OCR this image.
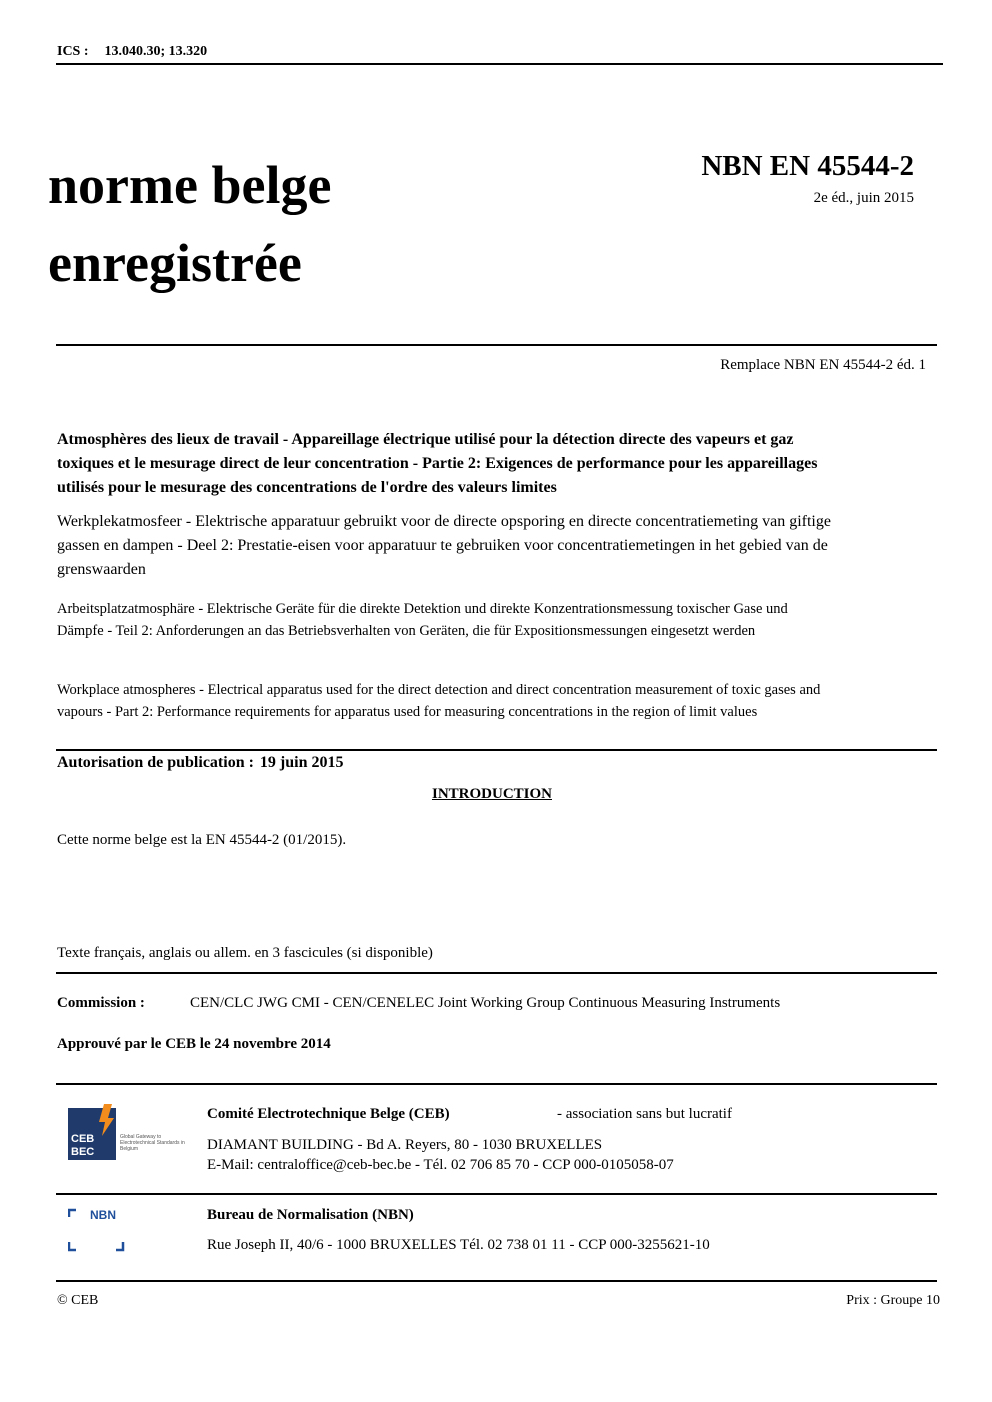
ICS : 13.040.30; 13.320
norme belge
enregistrée
NBN EN 45544-2
2e éd., juin 2015
Remplace NBN EN 45544-2 éd. 1
Atmosphères des lieux de travail - Appareillage électrique utilisé pour la détection directe des vapeurs et gaz toxiques et le mesurage direct de leur concentration - Partie 2: Exigences de performance pour les appareillages utilisés pour le mesurage des concentrations de l'ordre des valeurs limites
Werkplekatmosfeer - Elektrische apparatuur gebruikt voor de directe opsporing en directe concentratiemeting van giftige gassen en dampen - Deel 2: Prestatie-eisen voor apparatuur te gebruiken voor concentratiemetingen in het gebied van de grenswaarden
Arbeitsplatzatmosphäre - Elektrische Geräte für die direkte Detektion und direkte Konzentrationsmessung toxischer Gase und Dämpfe - Teil 2: Anforderungen an das Betriebsverhalten von Geräten, die für Expositionsmessungen eingesetzt werden
Workplace atmospheres - Electrical apparatus used for the direct detection and direct concentration measurement of toxic gases and vapours - Part 2: Performance requirements for apparatus used for measuring concentrations in the region of limit values
Autorisation de publication : 19 juin 2015
INTRODUCTION
Cette norme belge est la EN 45544-2 (01/2015).
Texte français, anglais ou allem. en 3 fascicules (si disponible)
Commission :	CEN/CLC JWG CMI - CEN/CENELEC Joint Working Group Continuous Measuring Instruments
Approuvé par le CEB le 24 novembre 2014
CEB
BEC
Global Gateway to Electrotechnical Standards in Belgium
Comité Electrotechnique Belge (CEB)	- association sans but lucratif
DIAMANT BUILDING - Bd A. Reyers, 80 - 1030 BRUXELLES
E-Mail: centraloffice@ceb-bec.be - Tél. 02 706 85 70 - CCP 000-0105058-07
NBN	Bureau de Normalisation (NBN)
Rue Joseph II, 40/6 - 1000 BRUXELLES Tél. 02 738 01 11 - CCP 000-3255621-10
© CEB	Prix : Groupe 10
